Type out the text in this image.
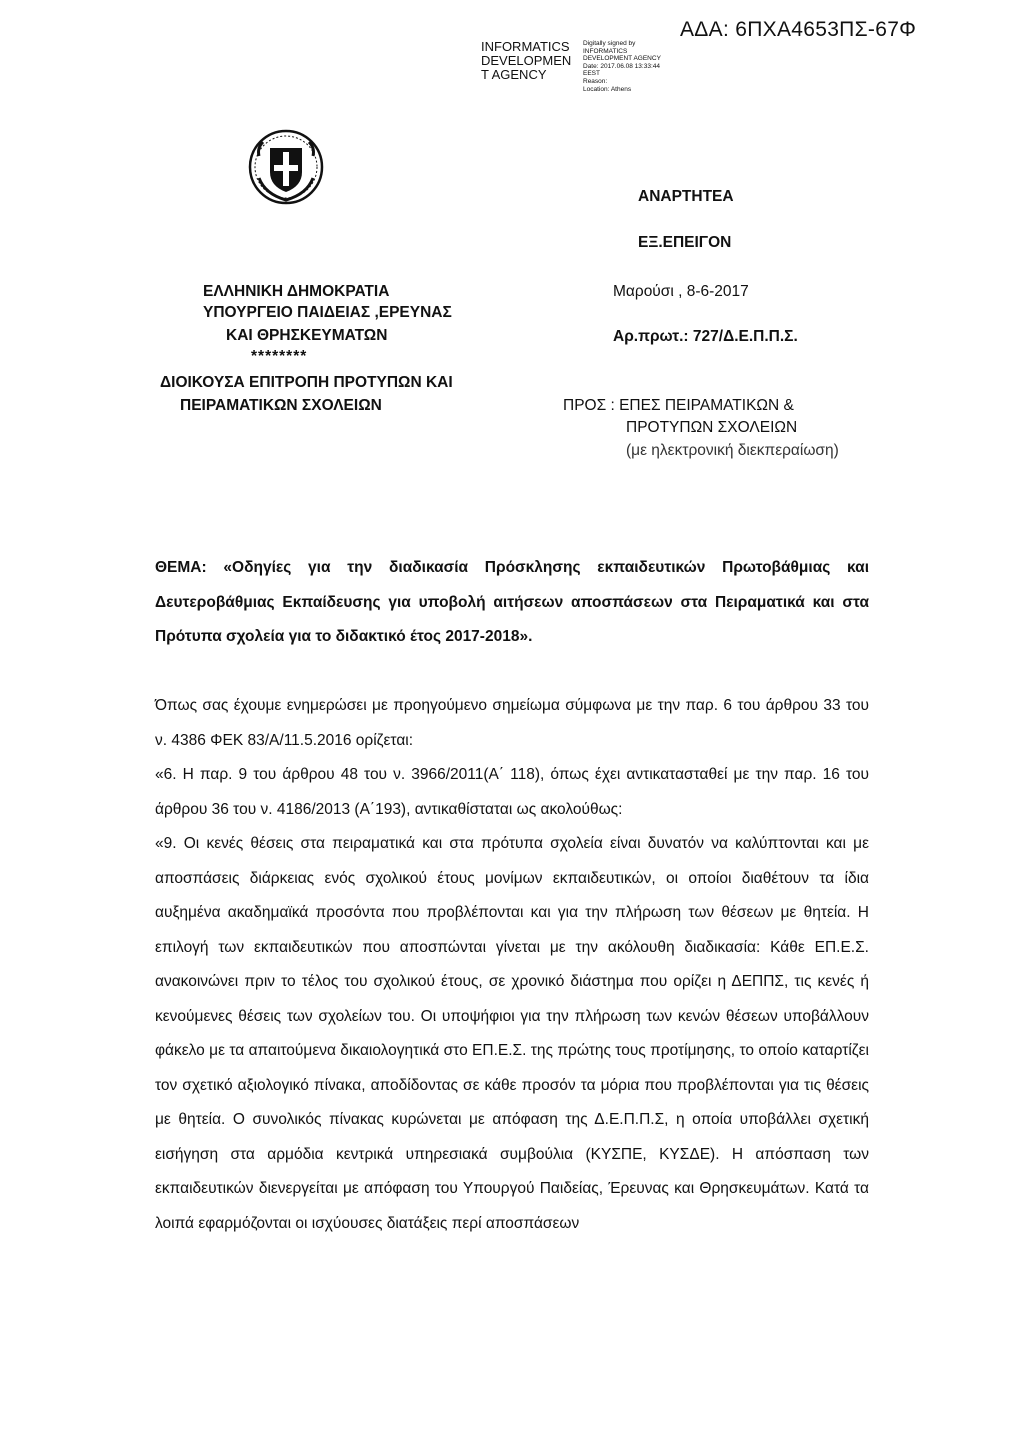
ΑΔΑ: 6ΠΧΑ4653ΠΣ-67Φ
INFORMATICS
DEVELOPMEN
T AGENCY
Digitally signed by
INFORMATICS
DEVELOPMENT AGENCY
Date: 2017.06.08 13:33:44
EEST
Reason:
Location: Athens
ΑΝΑΡΤΗΤΕΑ
ΕΞ.ΕΠΕΙΓΟΝ
ΕΛΛΗΝΙΚΗ ΔΗΜΟΚΡΑΤΙΑ
ΥΠΟΥΡΓΕΙΟ ΠΑΙΔΕΙΑΣ ,ΕΡΕΥΝΑΣ
ΚΑΙ ΘΡΗΣΚΕΥΜΑΤΩΝ
********
ΔΙΟΙΚΟΥΣΑ ΕΠΙΤΡΟΠΗ ΠΡΟΤΥΠΩΝ ΚΑΙ
ΠΕΙΡΑΜΑΤΙΚΩΝ ΣΧΟΛΕΙΩΝ
Μαρούσι , 8-6-2017
Αρ.πρωτ.: 727/Δ.Ε.Π.Π.Σ.
ΠΡΟΣ : ΕΠΕΣ ΠΕΙΡΑΜΑΤΙΚΩΝ &
ΠΡΟΤΥΠΩΝ ΣΧΟΛΕΙΩΝ
(με ηλεκτρονική διεκπεραίωση)
ΘΕΜΑ: «Οδηγίες για την διαδικασία Πρόσκλησης εκπαιδευτικών Πρωτοβάθμιας και Δευτεροβάθμιας Εκπαίδευσης για υποβολή αιτήσεων αποσπάσεων στα Πειραματικά και στα Πρότυπα σχολεία για το διδακτικό έτος 2017-2018».

Όπως σας έχουμε ενημερώσει με προηγούμενο σημείωμα σύμφωνα με την παρ. 6 του άρθρου 33 του ν. 4386 ΦΕΚ 83/Α/11.5.2016 ορίζεται:

«6. Η παρ. 9 του άρθρου 48 του ν. 3966/2011(Α΄ 118), όπως έχει αντικατασταθεί με την παρ. 16 του άρθρου 36 του ν. 4186/2013 (Α΄193), αντικαθίσταται ως ακολούθως:

«9. Οι κενές θέσεις στα πειραματικά και στα πρότυπα σχολεία είναι δυνατόν να καλύπτονται και με αποσπάσεις διάρκειας ενός σχολικού έτους μονίμων εκπαιδευτικών, οι οποίοι διαθέτουν τα ίδια αυξημένα ακαδημαϊκά προσόντα που προβλέπονται και για την πλήρωση των θέσεων με θητεία. Η επιλογή των εκπαιδευτικών που αποσπώνται γίνεται με την ακόλουθη διαδικασία: Κάθε ΕΠ.Ε.Σ. ανακοινώνει πριν το τέλος του σχολικού έτους, σε χρονικό διάστημα που ορίζει η ΔΕΠΠΣ, τις κενές ή κενούμενες θέσεις των σχολείων του. Οι υποψήφιοι για την πλήρωση των κενών θέσεων υποβάλλουν φάκελο με τα απαιτούμενα δικαιολογητικά στο ΕΠ.Ε.Σ. της πρώτης τους προτίμησης, το οποίο καταρτίζει τον σχετικό αξιολογικό πίνακα, αποδίδοντας σε κάθε προσόν τα μόρια που προβλέπονται για τις θέσεις με θητεία. Ο συνολικός πίνακας κυρώνεται με απόφαση της Δ.Ε.Π.Π.Σ, η οποία υποβάλλει σχετική εισήγηση στα αρμόδια κεντρικά υπηρεσιακά συμβούλια (ΚΥΣΠΕ, ΚΥΣΔΕ). Η απόσπαση των εκπαιδευτικών διενεργείται με απόφαση του Υπουργού Παιδείας, Έρευνας και Θρησκευμάτων. Κατά τα λοιπά εφαρμόζονται οι ισχύουσες διατάξεις περί αποσπάσεων
